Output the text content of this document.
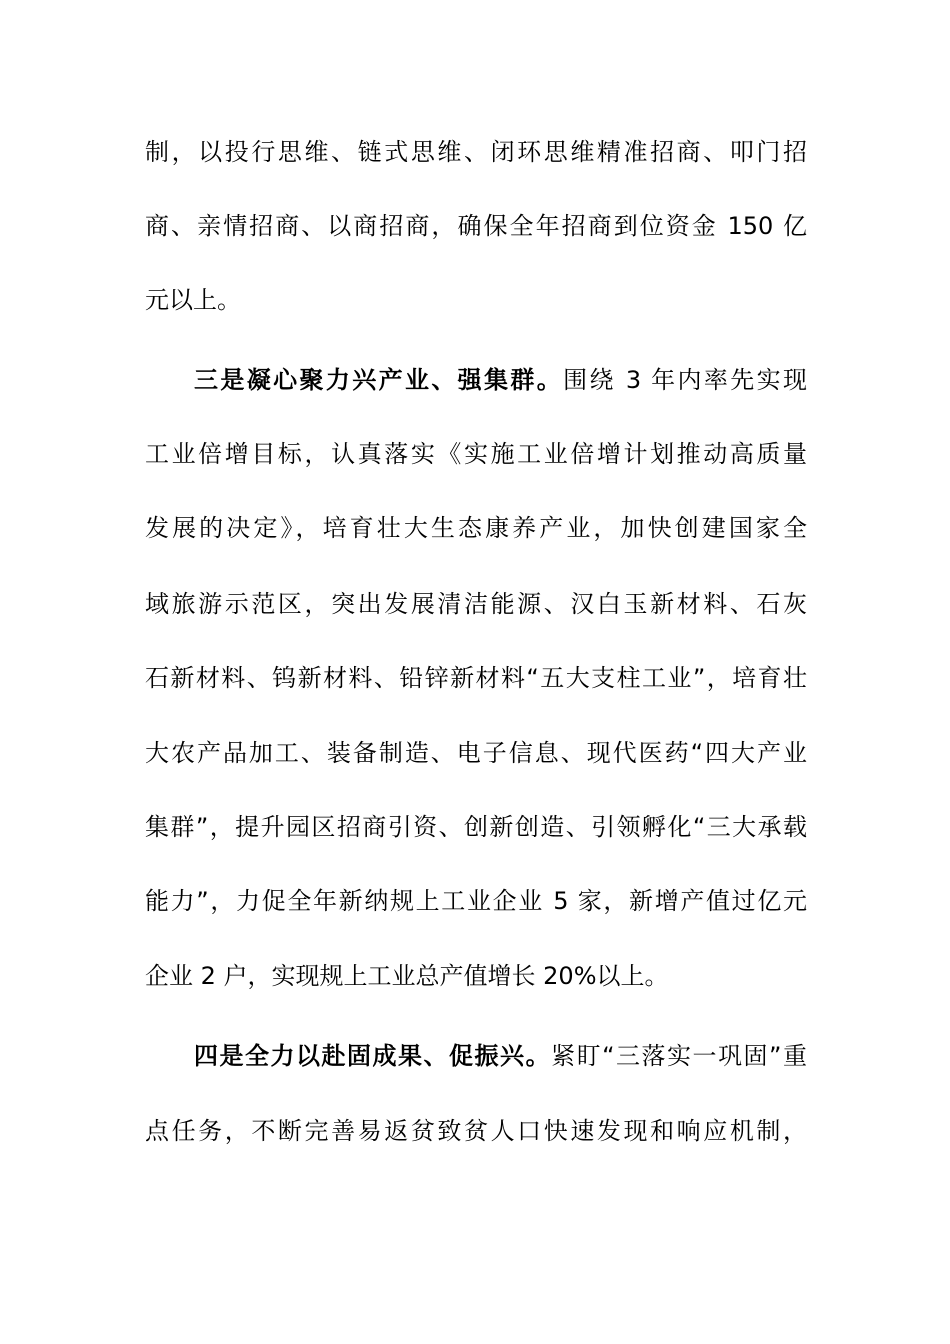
制，以投行思维、链式思维、闭环思维精准招商、叩门招
商、亲情招商、以商招商，确保全年招商到位资金 150 亿
元以上。
三是凝心聚力兴产业、强集群。围绕 3 年内率先实现
工业倍增目标，认真落实《实施工业倍增计划推动高质量
发展的决定》，培育壮大生态康养产业，加快创建国家全
域旅游示范区，突出发展清洁能源、汉白玉新材料、石灰
石新材料、钨新材料、铅锌新材料“五大支柱工业”，培育壮
大农产品加工、装备制造、电子信息、现代医药“四大产业
集群”，提升园区招商引资、创新创造、引领孵化“三大承载
能力”，力促全年新纳规上工业企业 5 家，新增产值过亿元
企业 2 户，实现规上工业总产值增长 20%以上。
四是全力以赴固成果、促振兴。紧盯“三落实一巩固”重
点任务，不断完善易返贫致贫人口快速发现和响应机制，
